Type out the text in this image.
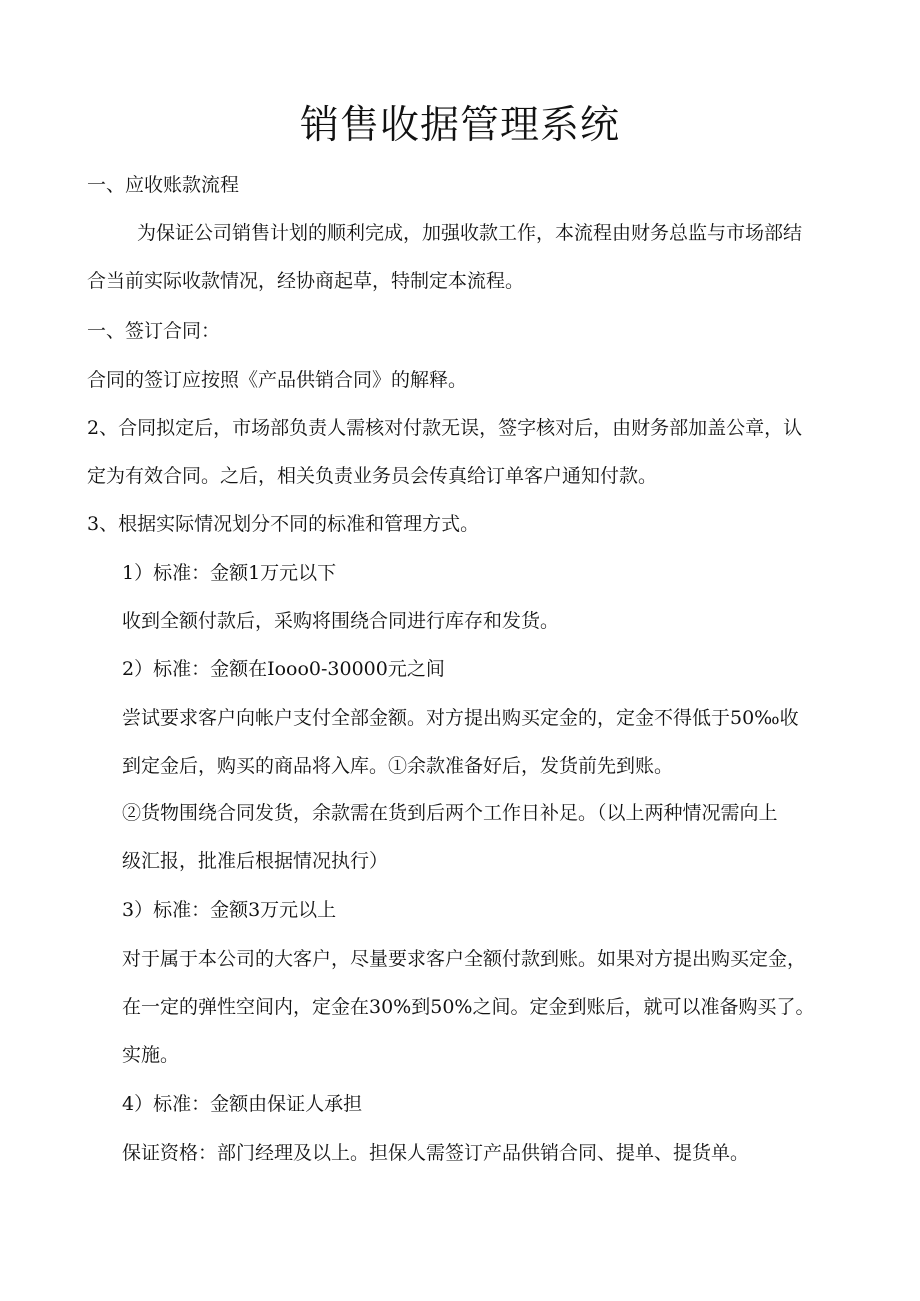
销售收据管理系统

一、应收账款流程

为保证公司销售计划的顺利完成，加强收款工作，本流程由财务总监与市场部结

合当前实际收款情况，经协商起草，特制定本流程。

一、签订合同：

合同的签订应按照《产品供销合同》的解释。

2、合同拟定后，市场部负责人需核对付款无误，签字核对后，由财务部加盖公章，认

定为有效合同。之后，相关负责业务员会传真给订单客户通知付款。

3、根据实际情况划分不同的标准和管理方式。

1）标准：金额1万元以下

收到全额付款后，采购将围绕合同进行库存和发货。

2）标准：金额在Iooo0-30000元之间

尝试要求客户向帐户支付全部金额。对方提出购买定金的，定金不得低于50‰收

到定金后，购买的商品将入库。①余款准备好后，发货前先到账。

②货物围绕合同发货，余款需在货到后两个工作日补足。（以上两种情况需向上

级汇报，批准后根据情况执行）

3）标准：金额3万元以上

对于属于本公司的大客户，尽量要求客户全额付款到账。如果对方提出购买定金，

在一定的弹性空间内，定金在30%到50%之间。定金到账后，就可以准备购买了。

实施。

4）标准：金额由保证人承担

保证资格：部门经理及以上。担保人需签订产品供销合同、提单、提货单。
